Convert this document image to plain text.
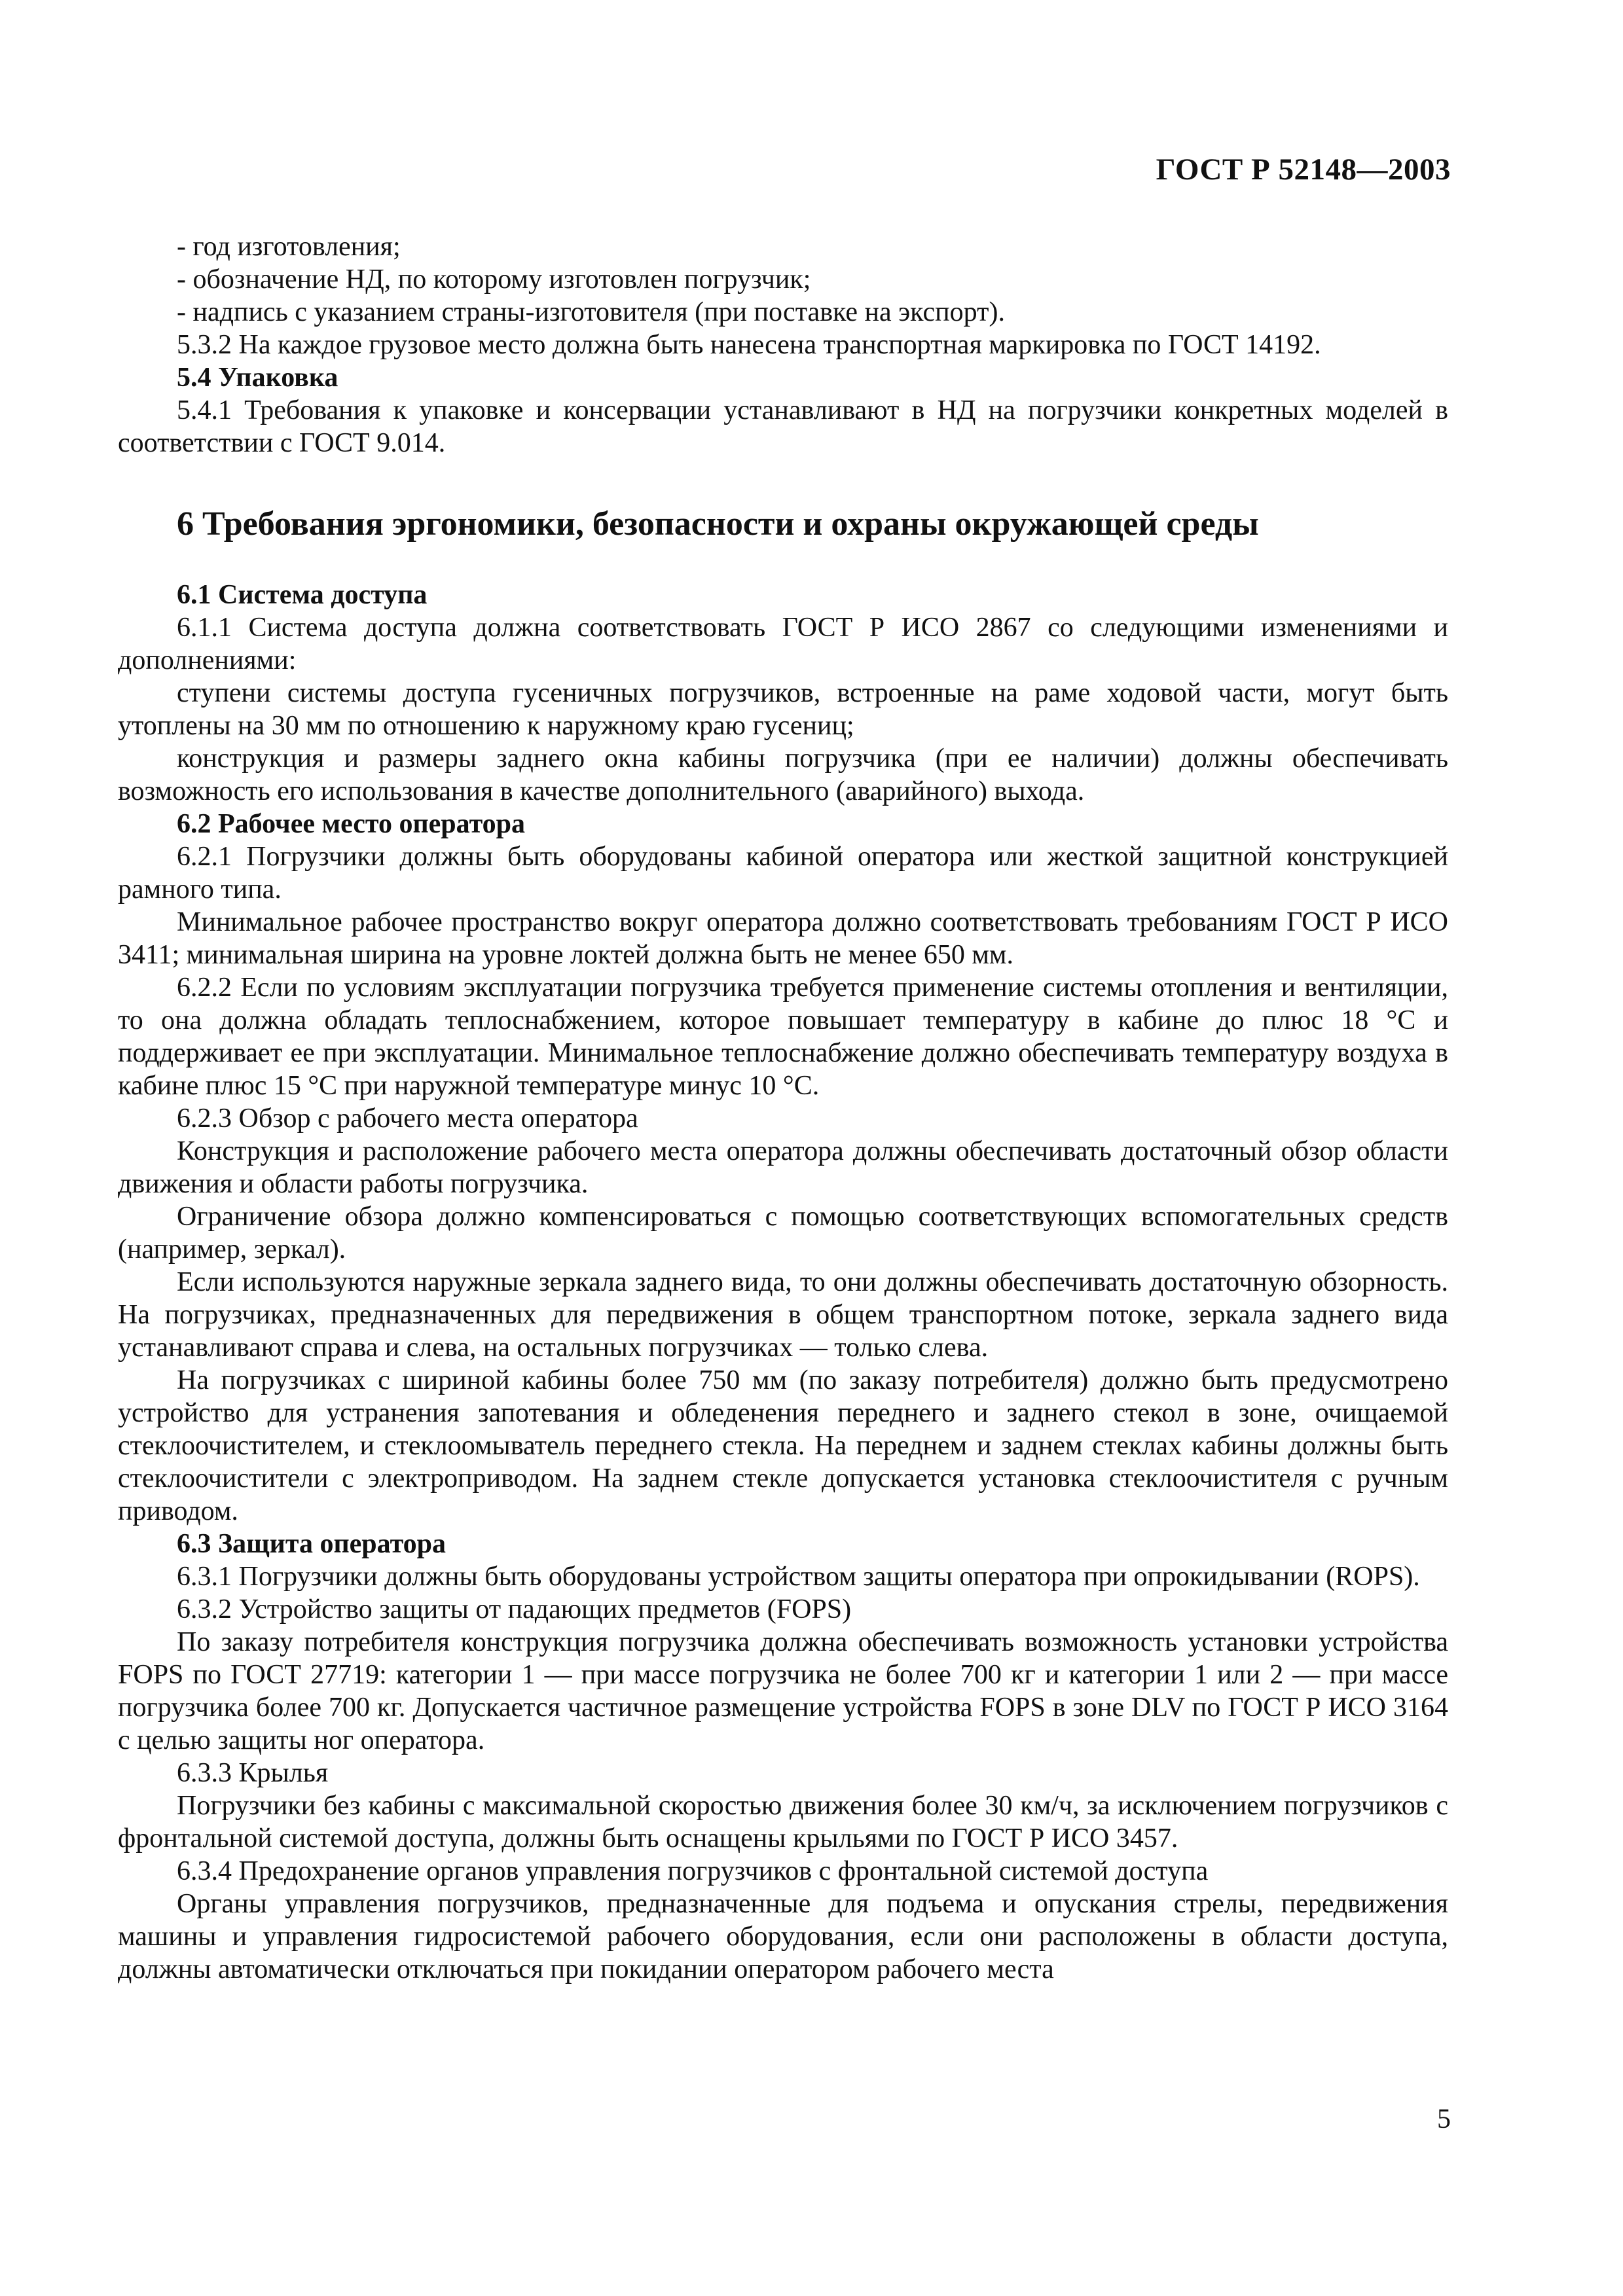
ГОСТ Р 52148—2003

- год изготовления;

- обозначение НД, по которому изготовлен погрузчик;

- надпись с указанием страны-изготовителя (при поставке на экспорт).

5.3.2 На каждое грузовое место должна быть нанесена транспортная маркировка по ГОСТ 14192.

5.4 Упаковка

5.4.1 Требования к упаковке и консервации устанавливают в НД на погрузчики конкретных моделей в соответствии с ГОСТ 9.014.

6 Требования эргономики, безопасности и охраны окружающей среды

6.1 Система доступа

6.1.1 Система доступа должна соответствовать ГОСТ Р ИСО 2867 со следующими изменениями и дополнениями:

ступени системы доступа гусеничных погрузчиков, встроенные на раме ходовой части, могут быть утоплены на 30 мм по отношению к наружному краю гусениц;

конструкция и размеры заднего окна кабины погрузчика (при ее наличии) должны обеспечивать возможность его использования в качестве дополнительного (аварийного) выхода.

6.2 Рабочее место оператора

6.2.1 Погрузчики должны быть оборудованы кабиной оператора или жесткой защитной конструкцией рамного типа.

Минимальное рабочее пространство вокруг оператора должно соответствовать требованиям ГОСТ Р ИСО 3411; минимальная ширина на уровне локтей должна быть не менее 650 мм.

6.2.2 Если по условиям эксплуатации погрузчика требуется применение системы отопления и вентиляции, то она должна обладать теплоснабжением, которое повышает температуру в кабине до плюс 18 °С и поддерживает ее при эксплуатации. Минимальное теплоснабжение должно обеспечивать температуру воздуха в кабине плюс 15 °С при наружной температуре минус 10 °С.

6.2.3 Обзор с рабочего места оператора

Конструкция и расположение рабочего места оператора должны обеспечивать достаточный обзор области движения и области работы погрузчика.

Ограничение обзора должно компенсироваться с помощью соответствующих вспомогательных средств (например, зеркал).

Если используются наружные зеркала заднего вида, то они должны обеспечивать достаточную обзорность. На погрузчиках, предназначенных для передвижения в общем транспортном потоке, зеркала заднего вида устанавливают справа и слева, на остальных погрузчиках — только слева.

На погрузчиках с шириной кабины более 750 мм (по заказу потребителя) должно быть предусмотрено устройство для устранения запотевания и обледенения переднего и заднего стекол в зоне, очищаемой стеклоочистителем, и стеклоомыватель переднего стекла. На переднем и заднем стеклах кабины должны быть стеклоочистители с электроприводом. На заднем стекле допускается установка стеклоочистителя с ручным приводом.

6.3 Защита оператора

6.3.1 Погрузчики должны быть оборудованы устройством защиты оператора при опрокидывании (ROPS).

6.3.2 Устройство защиты от падающих предметов (FOPS)

По заказу потребителя конструкция погрузчика должна обеспечивать возможность установки устройства FOPS по ГОСТ 27719: категории 1 — при массе погрузчика не более 700 кг и категории 1 или 2 — при массе погрузчика более 700 кг. Допускается частичное размещение устройства FOPS в зоне DLV по ГОСТ Р ИСО 3164 с целью защиты ног оператора.

6.3.3 Крылья

Погрузчики без кабины с максимальной скоростью движения более 30 км/ч, за исключением погрузчиков с фронтальной системой доступа, должны быть оснащены крыльями по ГОСТ Р ИСО 3457.

6.3.4 Предохранение органов управления погрузчиков с фронтальной системой доступа

Органы управления погрузчиков, предназначенные для подъема и опускания стрелы, передвижения машины и управления гидросистемой рабочего оборудования, если они расположены в области доступа, должны автоматически отключаться при покидании оператором рабочего места

5
